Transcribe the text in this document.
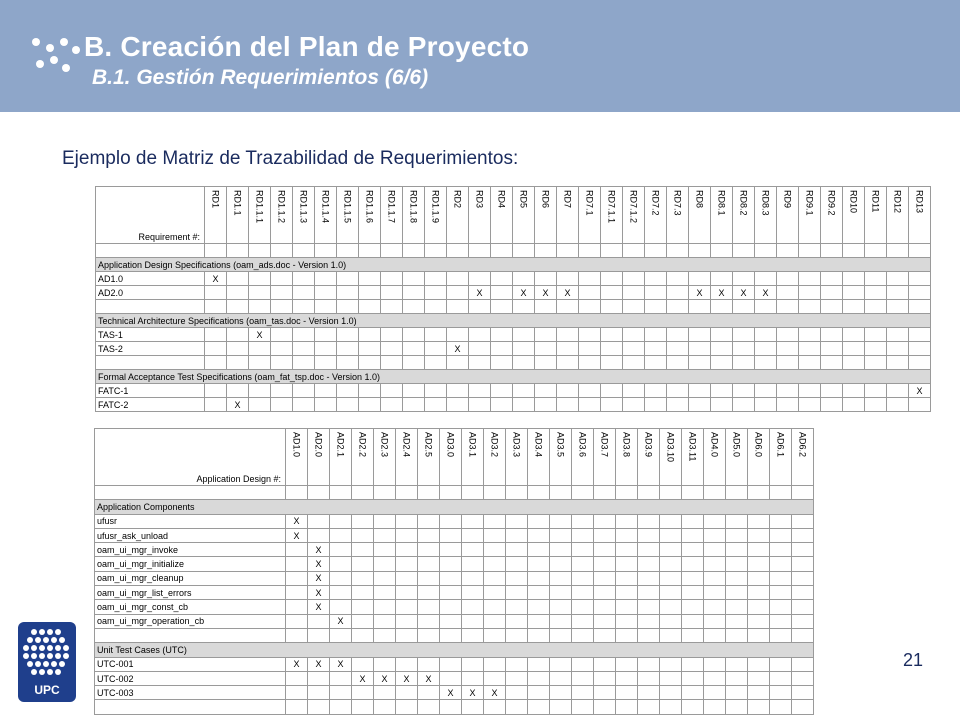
B. Creación del Plan de Proyecto
B.1. Gestión Requerimientos (6/6)
Ejemplo de Matriz de Trazabilidad de Requerimientos:
Requirement #:	RD1	RD1.1	RD1.1.1	RD1.1.2	RD1.1.3	RD1.1.4	RD1.1.5	RD1.1.6	RD1.1.7	RD1.1.8	RD1.1.9	RD2	RD3	RD4	RD5	RD6	RD7	RD7.1	RD7.1.1	RD7.1.2	RD7.2	RD7.3	RD8	RD8.1	RD8.2	RD8.3	RD9	RD9.1	RD9.2	RD10	RD11	RD12	RD13

Application Design Specifications (oam_ads.doc - Version 1.0)																																	
AD1.0	X																																
AD2.0													X		X	X	X						X	X	X	X							

Technical Architecture Specifications (oam_tas.doc - Version 1.0)																																	
TAS-1			X																														
TAS-2												X																					

Formal Acceptance Test Specifications (oam_fat_tsp.doc - Version 1.0)																																	
FATC-1																																	X
FATC-2		X																															
Application Design #:	AD1.0	AD2.0	AD2.1	AD2.2	AD2.3	AD2.4	AD2.5	AD3.0	AD3.1	AD3.2	AD3.3	AD3.4	AD3.5	AD3.6	AD3.7	AD3.8	AD3.9	AD3.10	AD3.11	AD4.0	AD5.0	AD6.0	AD6.1	AD6.2

Application Components																								
ufusr	X																							
ufusr_ask_unload	X																							
oam_ui_mgr_invoke		X																						
oam_ui_mgr_initialize		X																						
oam_ui_mgr_cleanup		X																						
oam_ui_mgr_list_errors		X																						
oam_ui_mgr_const_cb		X																						
oam_ui_mgr_operation_cb			X																					

Unit Test Cases (UTC)																								
UTC-001	X	X	X																					
UTC-002				X	X	X	X																	
UTC-003								X	X	X														

UPC
21
